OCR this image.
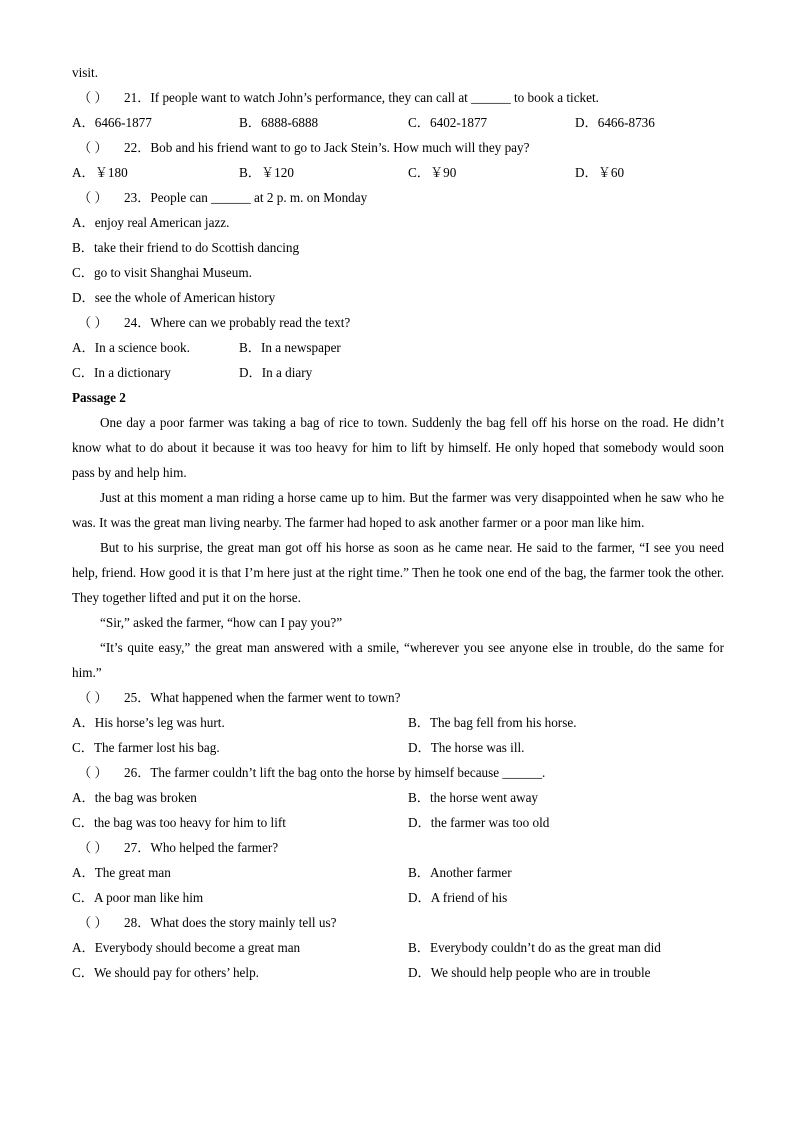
visit.
（ ） 21．If people want to watch John’s performance, they can call at ______ to book a ticket.
A．6466-1877	B．6888-6888	C．6402-1877	D．6466-8736
（ ） 22．Bob and his friend want to go to Jack Stein’s. How much will they pay?
A．￥180	B．￥120	C．￥90	D．￥60
（ ） 23．People can ______ at 2 p. m. on Monday
A．enjoy real American jazz.
B．take their friend to do Scottish dancing
C．go to visit Shanghai Museum.
D．see the whole of American history
（ ） 24．Where can we probably read the text?
A．In a science book.	B．In a newspaper
C．In a dictionary	D．In a diary
Passage 2
One day a poor farmer was taking a bag of rice to town. Suddenly the bag fell off his horse on the road. He didn’t know what to do about it because it was too heavy for him to lift by himself. He only hoped that somebody would soon pass by and help him.
Just at this moment a man riding a horse came up to him. But the farmer was very disappointed when he saw who he was. It was the great man living nearby. The farmer had hoped to ask another farmer or a poor man like him.
But to his surprise, the great man got off his horse as soon as he came near. He said to the farmer, “I see you need help, friend. How good it is that I’m here just at the right time.” Then he took one end of the bag, the farmer took the other. They together lifted and put it on the horse.
“Sir,” asked the farmer, “how can I pay you?”
“It’s quite easy,” the great man answered with a smile, “wherever you see anyone else in trouble, do the same for him.”
（ ） 25．What happened when the farmer went to town?
A．His horse’s leg was hurt.	B．The bag fell from his horse.
C．The farmer lost his bag.	D．The horse was ill.
（ ） 26．The farmer couldn’t lift the bag onto the horse by himself because ______.
A．the bag was broken	B．the horse went away
C．the bag was too heavy for him to lift	D．the farmer was too old
（ ） 27．Who helped the farmer?
A．The great man	B．Another farmer
C．A poor man like him	D．A friend of his
（ ） 28．What does the story mainly tell us?
A．Everybody should become a great man	B．Everybody couldn’t do as the great man did
C．We should pay for others’ help.	D．We should help people who are in trouble
